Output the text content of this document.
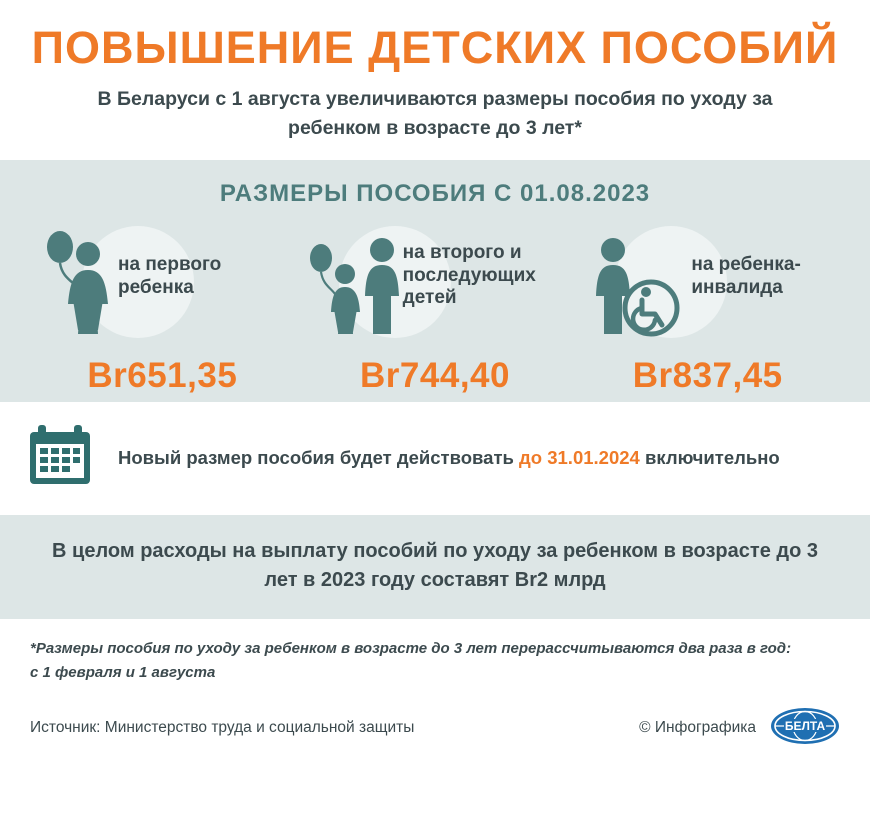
ПОВЫШЕНИЕ ДЕТСКИХ ПОСОБИЙ
В Беларуси с 1 августа увеличиваются размеры пособия по уходу за ребенком в возрасте до 3 лет*
РАЗМЕРЫ ПОСОБИЯ С 01.08.2023
на первого ребенка
Br651,35
на второго и последующих детей
Br744,40
на ребенка-инвалида
Br837,45
Новый размер пособия будет действовать до 31.01.2024 включительно
В целом расходы на выплату пособий по уходу за ребенком в возрасте до 3 лет в 2023 году составят Br2 млрд
*Размеры пособия по уходу за ребенком в возрасте до 3 лет перерассчитываются два раза в год:
с 1 февраля и 1 августа
Источник: Министерство труда и социальной защиты	© Инфографика БЕЛТА
